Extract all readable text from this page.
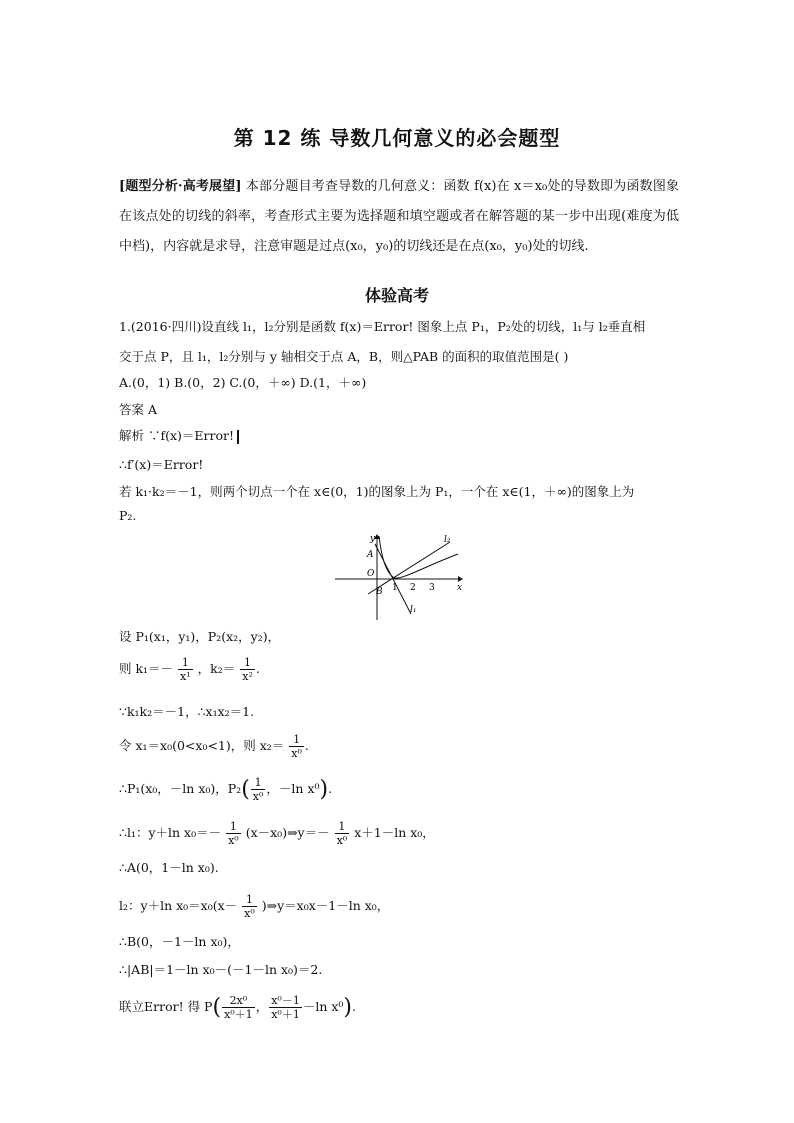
第 12 练 导数几何意义的必会题型
[题型分析·高考展望] 本部分题目考查导数的几何意义：函数 f(x)在 x＝x₀处的导数即为函数图象在该点处的切线的斜率，考查形式主要为选择题和填空题或者在解答题的某一步中出现(难度为低中档)，内容就是求导，注意审题是过点(x₀，y₀)的切线还是在点(x₀，y₀)处的切线.
体验高考
1.(2016·四川)设直线 l₁，l₂分别是函数 f(x)＝Error! 图象上点 P₁，P₂处的切线，l₁与 l₂垂直相
交于点 P，且 l₁，l₂分别与 y 轴相交于点 A，B，则△PAB 的面积的取值范围是( )
A.(0，1) B.(0，2) C.(0，＋∞) D.(1，＋∞)
答案 A
解析 ∵f(x)＝Error!
∴f′(x)＝Error!
若 k₁·k₂＝－1，则两个切点一个在 x∈(0，1)的图象上为 P₁，一个在 x∈(1，＋∞)的图象上为
P₂.
y
x
A
O
B 1 2 3
l₁
l₂
设 P₁(x₁，y₁)，P₂(x₂，y₂)，
则 $k_1=- \frac{1}{\text{x¹}}$ ，$k_2= \frac{1}{\text{x²}}$ .
∵k₁k₂＝－1，∴x₁x₂＝1.
令 x₁＝x₀(0<x₀<1)，则 $x_2= \frac{1}{\text{x⁰}}$ .
∴P₁(x₀，－ln x₀)，$P_2( \frac{1}{\text{x⁰}}$ ，－ln x⁰).
∴l₁：y＋ln $x_0=- \frac{1}{\text{x⁰}}$ (x－x₀)⇒y＝－ $\frac{1}{\text{x⁰}} x+1-\ln$ x₀，
∴A(0，1－ln x₀).
l₂：y＋ln $x_0=x_0(x- \frac{1}{\text{x⁰}}$ )⇒y＝x₀x－1－ln x₀，
∴B(0，－1－ln x₀)，
∴|AB|＝1－ln x₀－(－1－ln x₀)＝2.
联立Error! 得 $P( \frac{\text{2x⁰}}{\text{x⁰＋1}}$ ， $\frac{\text{x⁰－1}}{\text{x⁰＋1}} -\ln$ x⁰).
